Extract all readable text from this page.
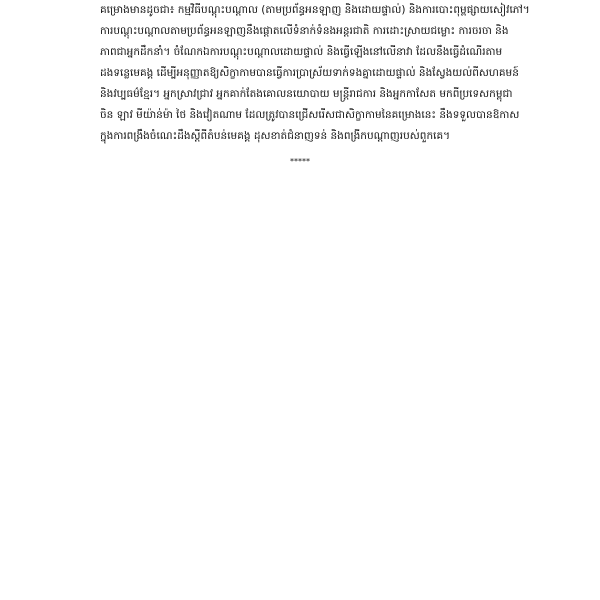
គម្រោងមានដូចជា៖ កម្មវិធីបណ្ដុះបណ្ដាល (តាមប្រព័ន្ធអនឡាញ និងដោយផ្ទាល់) និងការបោះពុម្ពផ្សាយសៀវភៅ។
ការបណ្ដុះបណ្ដាលតាមប្រព័ន្ធអនឡាញនឹងផ្ដោតលើទំនាក់ទំនងអន្តរជាតិ ការដោះស្រាយជម្លោះ ការចរចា និង
ភាពជាអ្នកដឹកនាំ។ ចំណែកឯការបណ្ដុះបណ្ដាលដោយផ្ទាល់ និងធ្វើឡើងនៅលើនាវា ដែលនឹងធ្វើដំណើរតាម
ដងទន្លេមេគង្គ ដើម្បីអនុញ្ញាតឱ្យសិក្ខាកាមបានធ្វើការប្រាស្រ័យទាក់ទងគ្នាដោយផ្ទាល់ និងស្វែងយល់ពីសហគមន៍
និងវប្បធម៌ខ្មែរ។ អ្នកស្រាវជ្រាវ អ្នកគាក់តែងគោលនយោបាយ មន្ត្រីរាជការ និងអ្នកកាសែត មកពីប្រទេសកម្ពុជា
ចិន ឡាវ មីយ៉ាន់ម៉ា ថៃ និងវៀតណាម ដែលត្រូវបានជ្រើសរើសជាសិក្ខាកាមនៃគម្រោងនេះ នឹងទទួលបានឱកាស
ក្នុងការពង្រឹងចំណេះដឹងស្ដីពីតំបន់មេគង្គ ដុសខាត់ជំនាញទន់ និងពង្រីកបណ្ដាញរបស់ពួកគេ។
*****
